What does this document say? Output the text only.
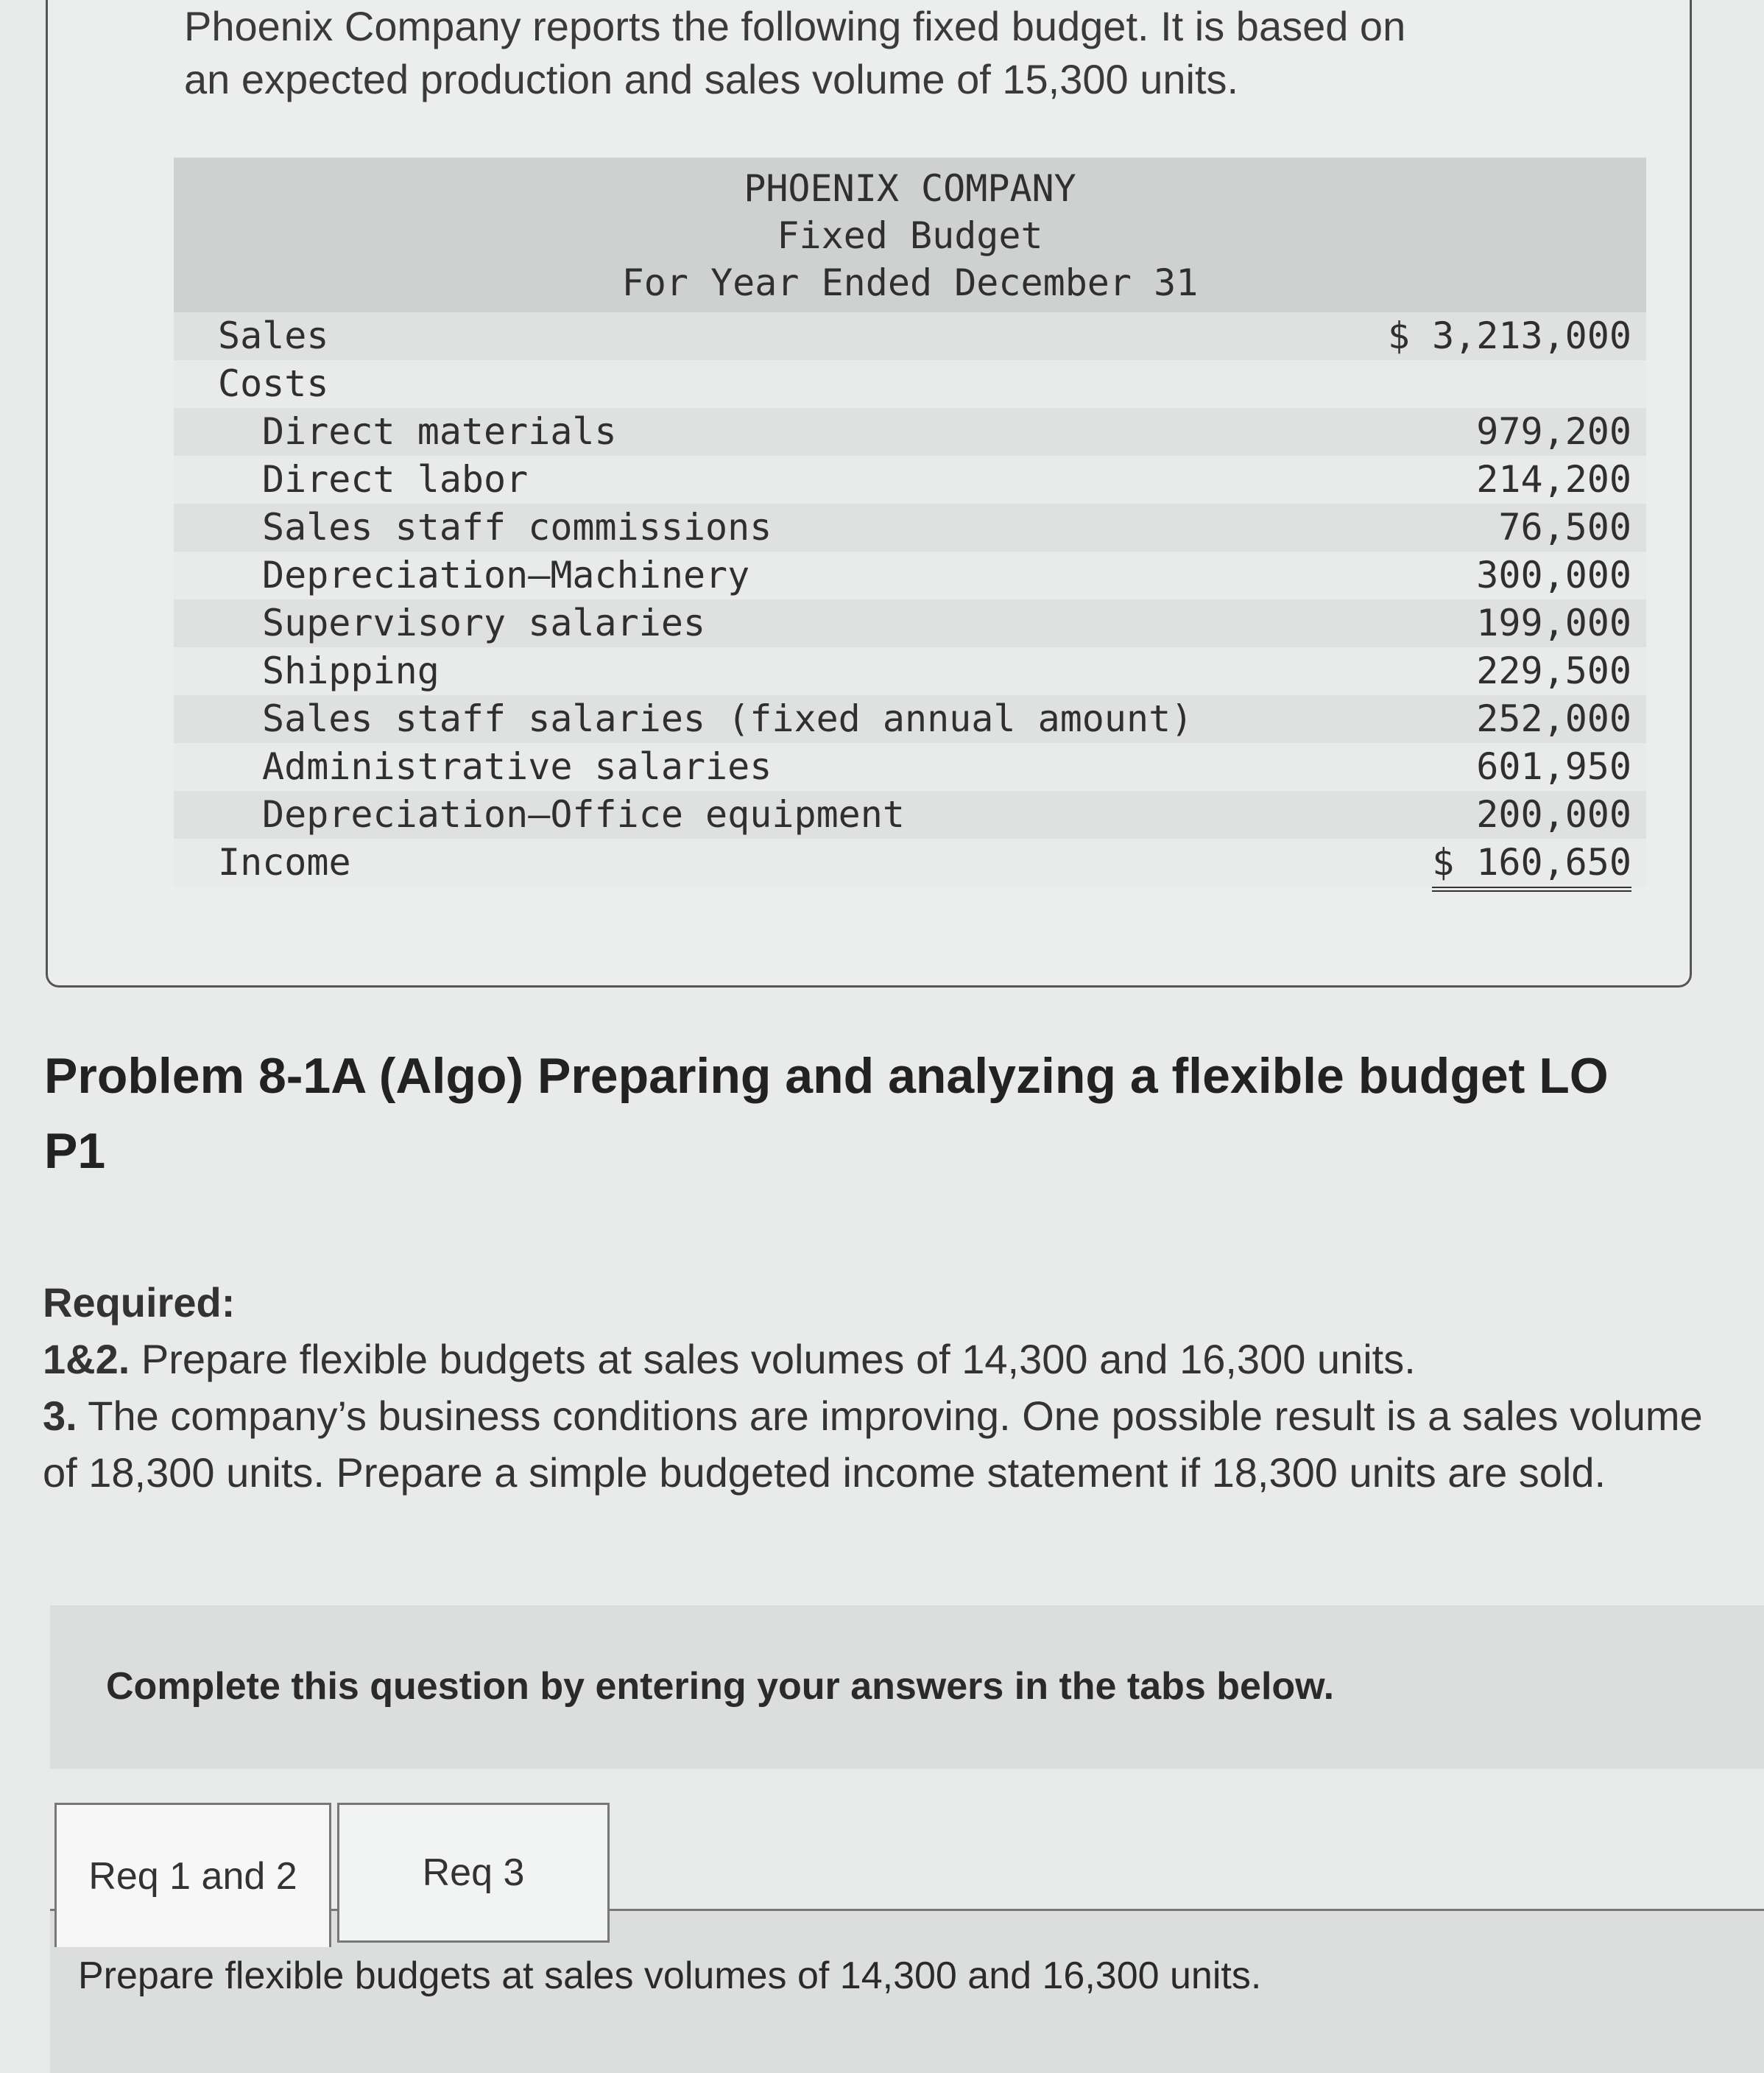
Phoenix Company reports the following fixed budget. It is based on
an expected production and sales volume of 15,300 units.
PHOENIX COMPANY
Fixed Budget
For Year Ended December 31
Sales	$ 3,213,000
Costs
Direct materials	979,200
Direct labor	214,200
Sales staff commissions	76,500
Depreciation—Machinery	300,000
Supervisory salaries	199,000
Shipping	229,500
Sales staff salaries (fixed annual amount)	252,000
Administrative salaries	601,950
Depreciation—Office equipment	200,000
Income	$ 160,650
Problem 8-1A (Algo) Preparing and analyzing a flexible budget LO
P1
Required:
1&2. Prepare flexible budgets at sales volumes of 14,300 and 16,300 units.
3. The company’s business conditions are improving. One possible result is a sales volume of 18,300 units. Prepare a simple budgeted income statement if 18,300 units are sold.
Complete this question by entering your answers in the tabs below.
Prepare flexible budgets at sales volumes of 14,300 and 16,300 units.
Req 1 and 2	Req 3
